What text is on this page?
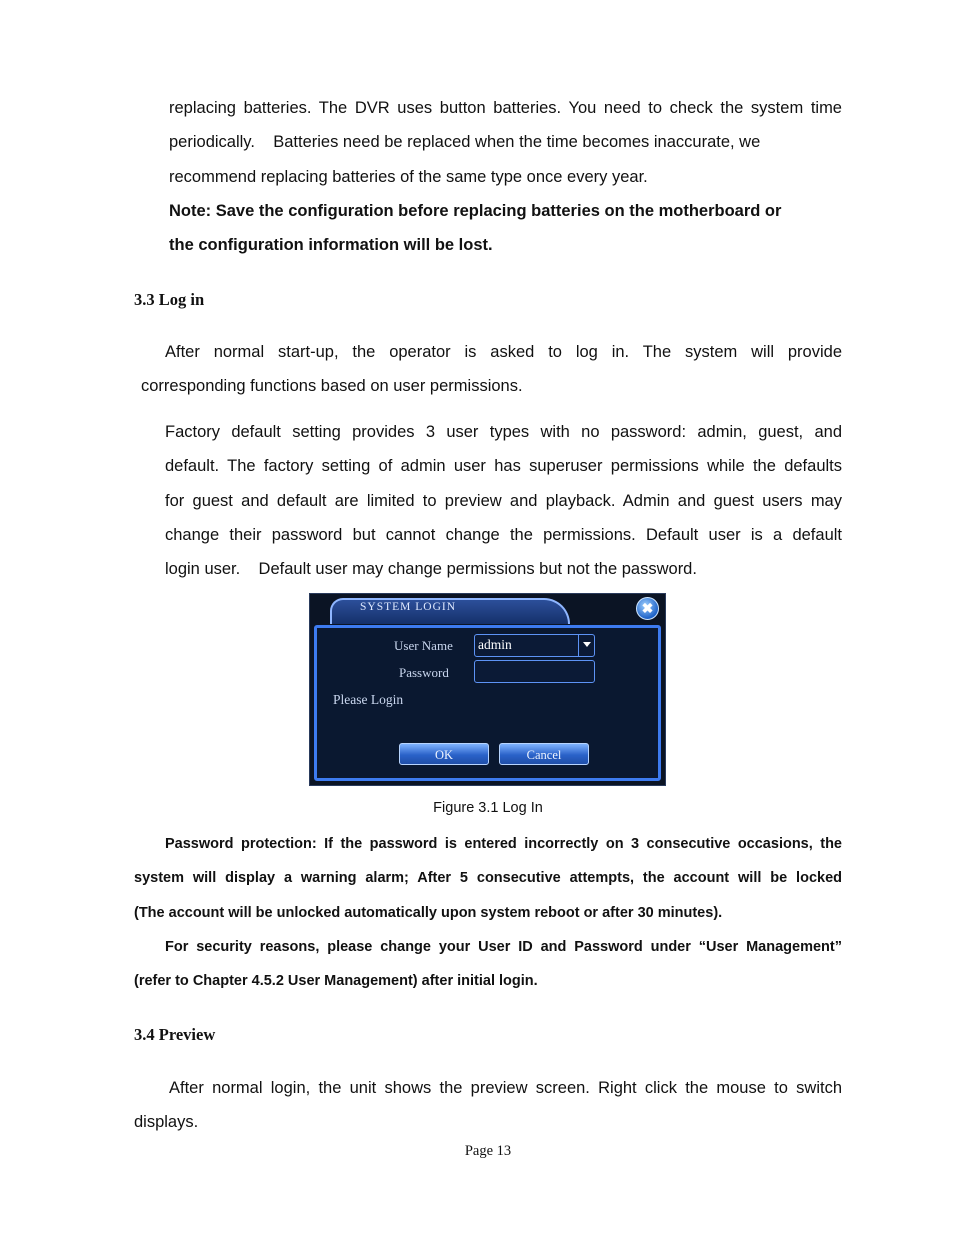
replacing batteries. The DVR uses button batteries. You need to check the system time
periodically.    Batteries need be replaced when the time becomes inaccurate, we
recommend replacing batteries of the same type once every year.

Note: Save the configuration before replacing batteries on the motherboard or
the configuration information will be lost.

3.3 Log in

After normal start-up, the operator is asked to log in. The system will provide
corresponding functions based on user permissions.

Factory default setting provides 3 user types with no password: admin, guest, and
default. The factory setting of admin user has superuser permissions while the defaults
for guest and default are limited to preview and playback. Admin and guest users may
change their password but cannot change the permissions. Default user is a default
login user.    Default user may change permissions but not the password.

SYSTEM LOGIN	✖
User Name admin
Password
Please Login
OK	Cancel
Figure 3.1 Log In

Password protection: If the password is entered incorrectly on 3 consecutive occasions, the
system will display a warning alarm; After 5 consecutive attempts, the account will be locked
(The account will be unlocked automatically upon system reboot or after 30 minutes).

For security reasons, please change your User ID and Password under “User Management”
(refer to Chapter 4.5.2 User Management) after initial login.

3.4 Preview

After normal login, the unit shows the preview screen. Right click the mouse to switch
displays.

Page 13
